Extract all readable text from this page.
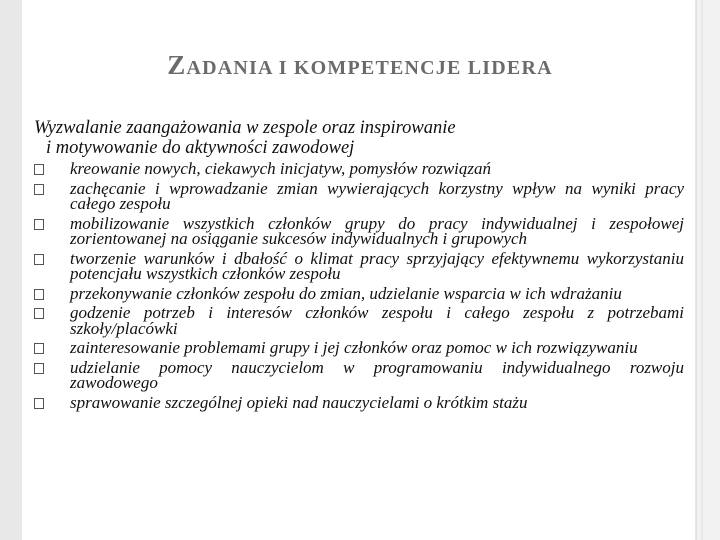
ZADANIA I KOMPETENCJE LIDERA

Wyzwalanie zaangażowania w zespole oraz inspirowanie
i motywowanie do aktywności zawodowej

kreowanie nowych, ciekawych inicjatyw, pomysłów rozwiązań
zachęcanie i wprowadzanie zmian wywierających korzystny wpływ na wyniki pracy całego zespołu
mobilizowanie wszystkich członków grupy do pracy indywidualnej i zespołowej zorientowanej na osiąganie sukcesów indywidualnych i grupowych
tworzenie warunków i dbałość o klimat pracy sprzyjający efektywnemu wykorzystaniu potencjału wszystkich członków zespołu
przekonywanie członków zespołu do zmian, udzielanie wsparcia w ich wdrażaniu
godzenie potrzeb i interesów członków zespołu i całego zespołu z potrzebami szkoły/placówki
zainteresowanie problemami grupy i jej członków oraz pomoc w ich rozwiązywaniu
udzielanie pomocy nauczycielom w programowaniu indywidualnego rozwoju zawodowego
sprawowanie szczególnej opieki nad nauczycielami o krótkim stażu
